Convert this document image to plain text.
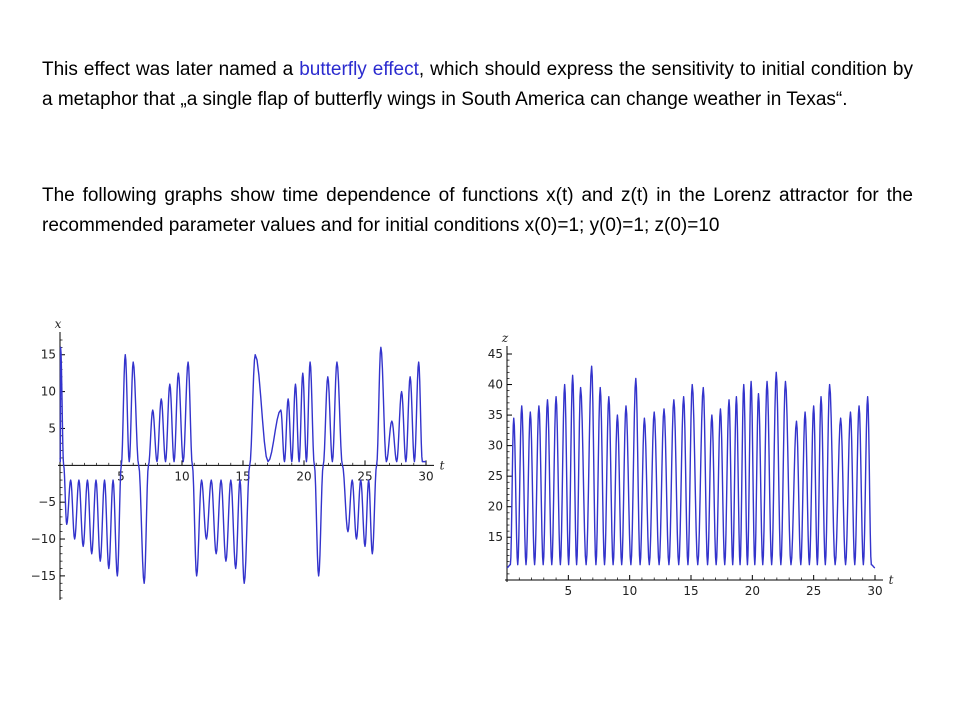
This effect was later named a butterfly effect, which should express the sensitivity to initial condition by a metaphor that „a single flap of butterfly wings in South America can change weather in Texas“.

The following graphs show time dependence of functions x(t) and z(t) in the Lorenz attractor for the recommended parameter values and for initial conditions x(0)=1; y(0)=1; z(0)=10

−15
−10
−5
5
10
15
5	10	15	20	25	30
x
t
15
20
25
30
35
40
45
5	10	15	20	25	30
z
t
